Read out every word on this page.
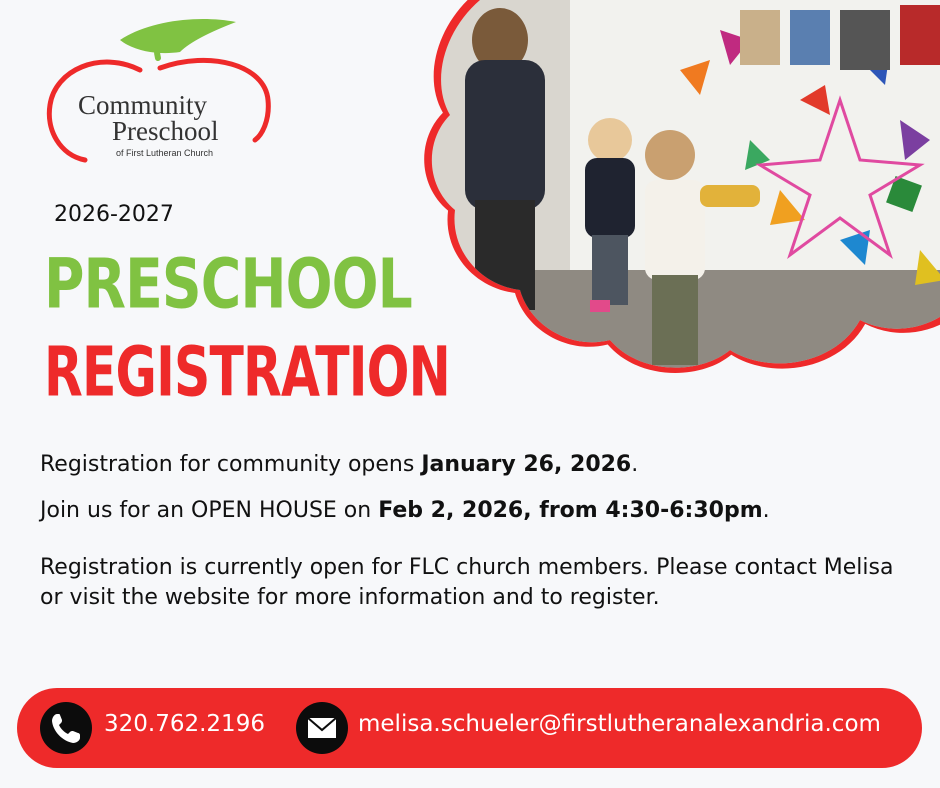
Community
Preschool
of First Lutheran Church
2026-2027
PRESCHOOL
REGISTRATION
Registration for community opens January 26, 2026.
Join us for an OPEN HOUSE on Feb 2, 2026, from 4:30-6:30pm.
Registration is currently open for FLC church members. Please contact Melisa or visit the website for more information and to register.
320.762.2196	melisa.schueler@firstlutheranalexandria.com
